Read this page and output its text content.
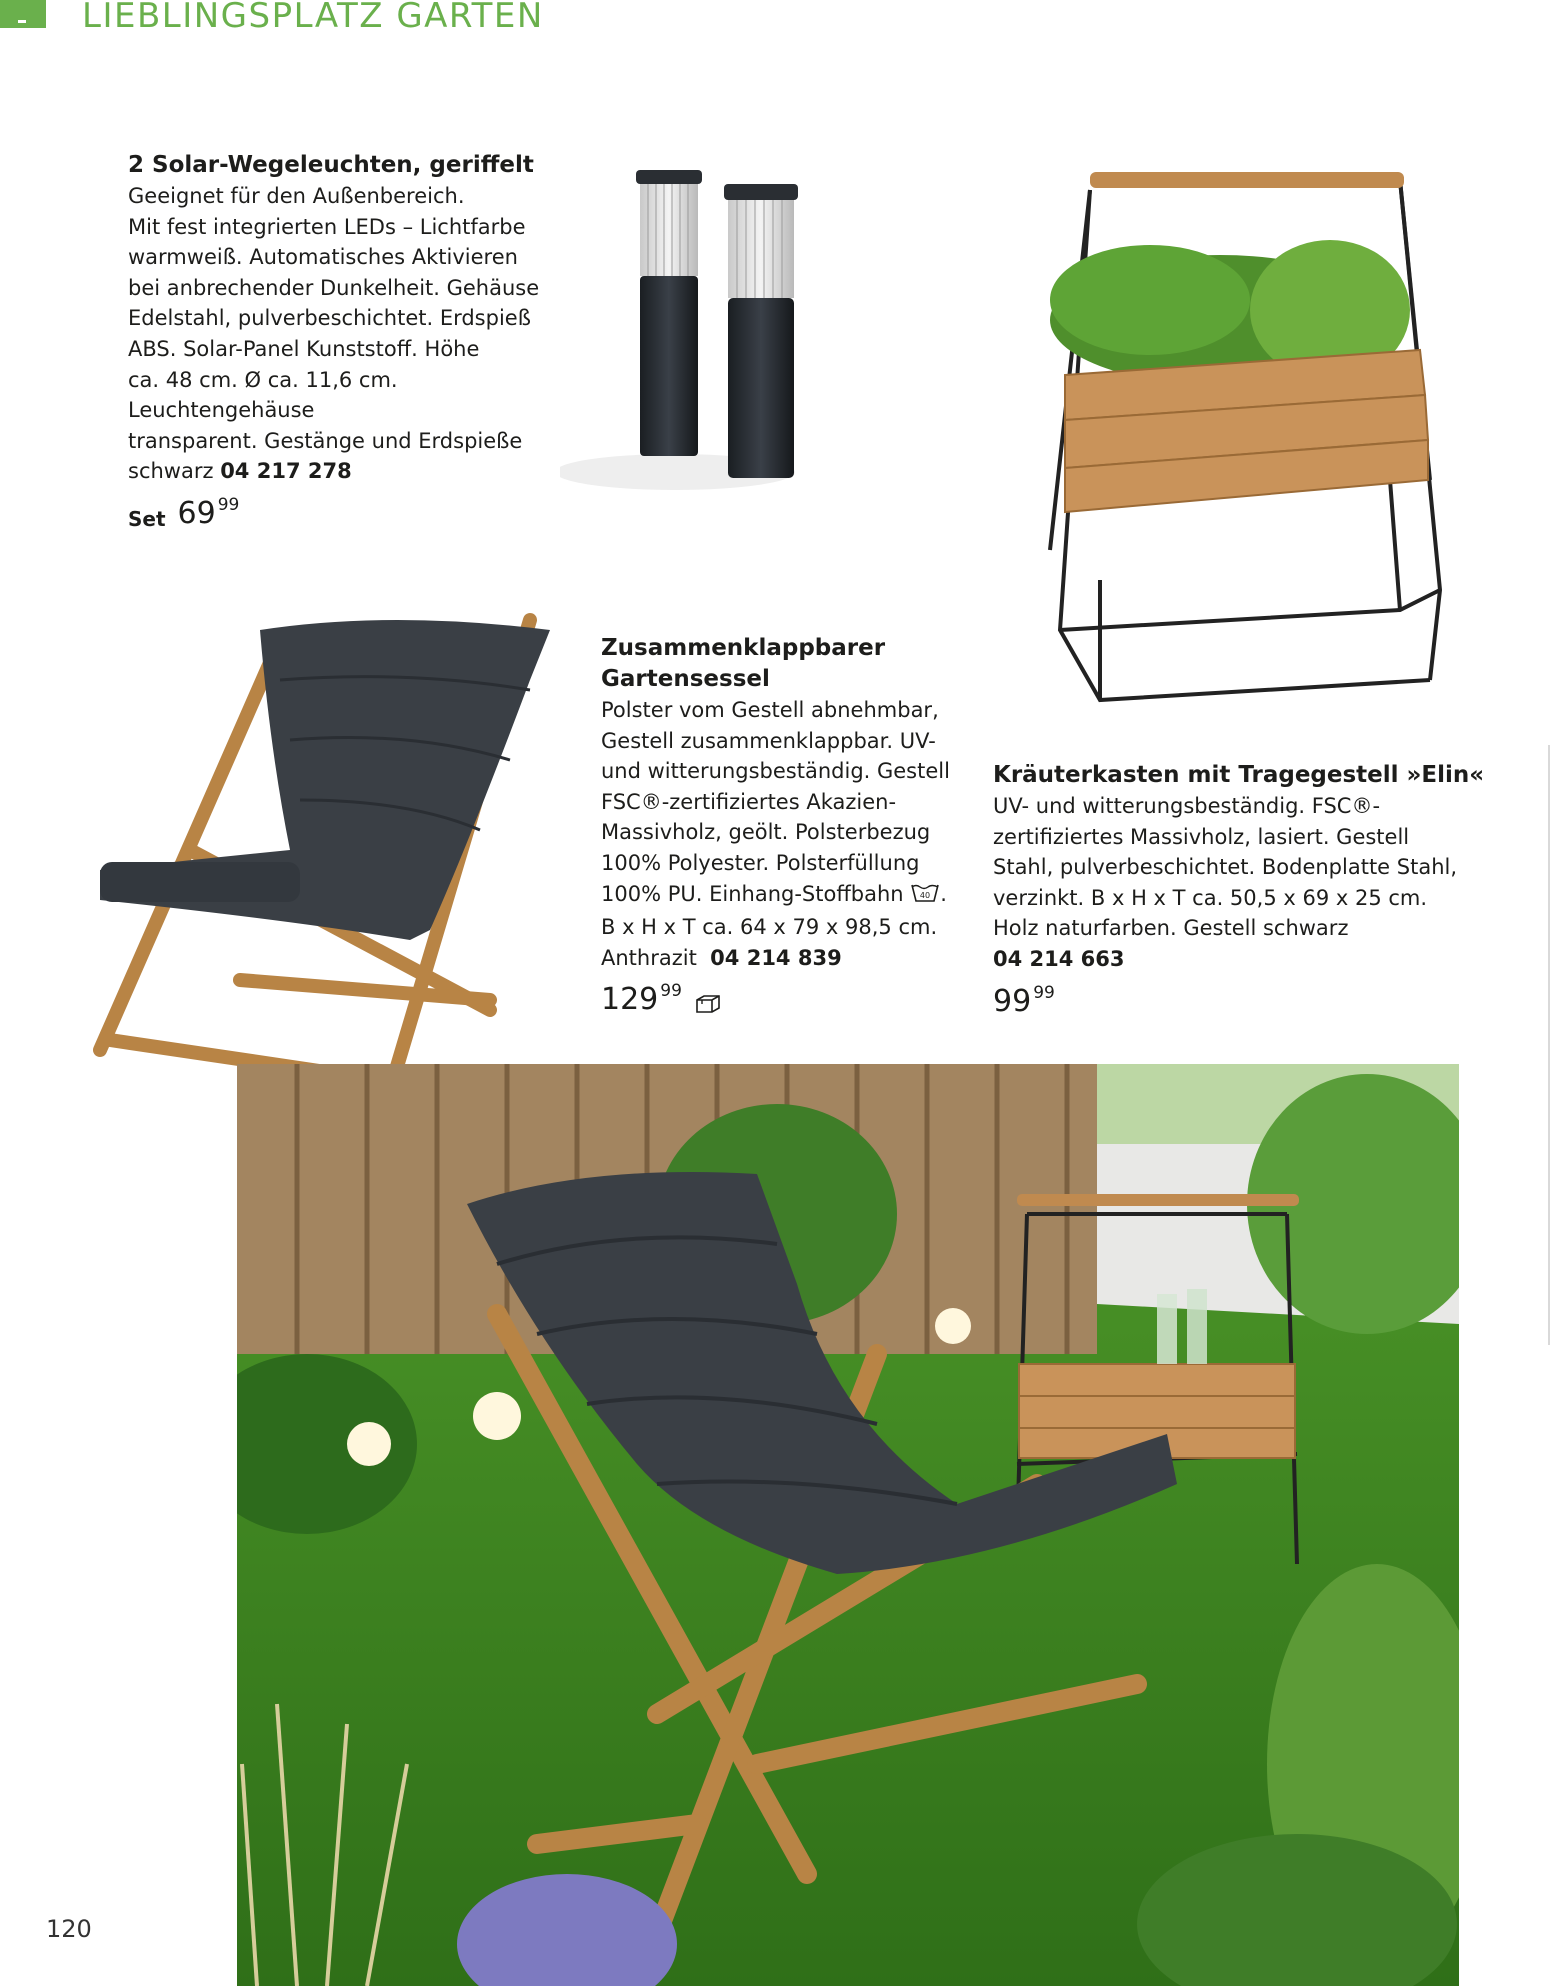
LIEBLINGSPLATZ GARTEN

2 Solar-Wegeleuchten, geriffelt

Geeignet für den Außenbereich.
Mit fest integrierten LEDs – Lichtfarbe
warmweiß. Automatisches Aktivieren
bei anbrechender Dunkelheit. Gehäuse
Edelstahl, pulverbeschichtet. Erdspieß
ABS. Solar-Panel Kunststoff. Höhe
ca. 48 cm. Ø ca. 11,6 cm. Leuchtengehäuse
transparent. Gestänge und Erdspieße
schwarz 04 217 278

Set 69 99

Zusammenklappbarer
Gartensessel

Polster vom Gestell abnehmbar,
Gestell zusammenklappbar. UV-
und witterungsbeständig. Gestell
FSC®-zertifiziertes Akazien-
Massivholz, geölt. Polsterbezug
100% Polyester. Polsterfüllung
100% PU. Einhang-Stoffbahn 40 .
B x H x T ca. 64 x 79 x 98,5 cm.
Anthrazit 04 214 839

129 99

Kräuterkasten mit Tragegestell »Elin«

UV- und witterungsbeständig. FSC®-
zertifiziertes Massivholz, lasiert. Gestell
Stahl, pulverbeschichtet. Bodenplatte Stahl,
verzinkt. B x H x T ca. 50,5 x 69 x 25 cm.
Holz naturfarben. Gestell schwarz
04 214 663

99 99
120
